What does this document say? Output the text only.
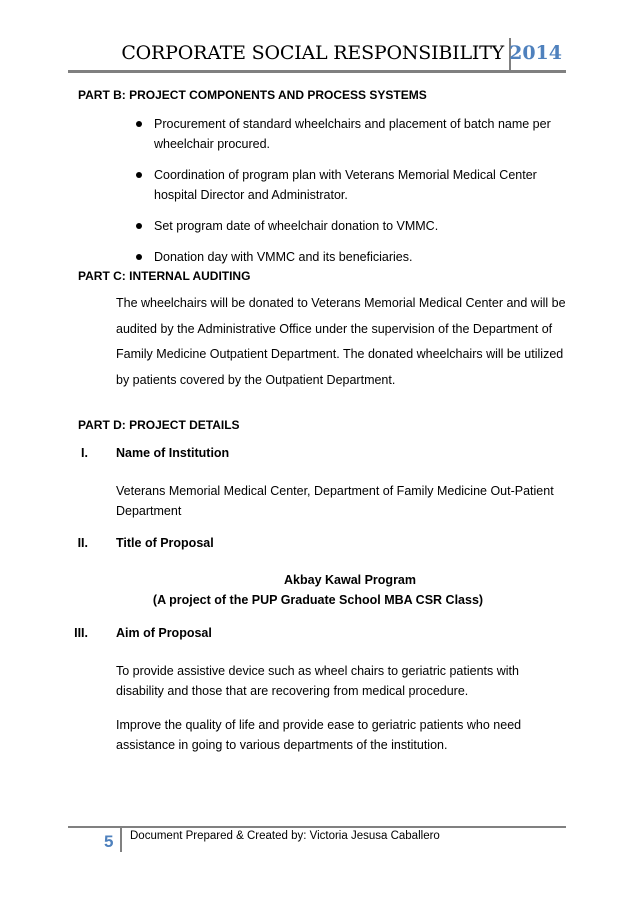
CORPORATE SOCIAL RESPONSIBILITY 2014
PART B: PROJECT COMPONENTS AND PROCESS SYSTEMS
Procurement of standard wheelchairs and placement of batch name per wheelchair procured.
Coordination of program plan with Veterans Memorial Medical Center hospital Director and Administrator.
Set program date of wheelchair donation to VMMC.
Donation day with VMMC and its beneficiaries.
PART C: INTERNAL AUDITING

The wheelchairs will be donated to Veterans Memorial Medical Center and will be audited by the Administrative Office under the supervision of the Department of Family Medicine Outpatient Department. The donated wheelchairs will be utilized by patients covered by the Outpatient Department.

PART D: PROJECT DETAILS
I. Name of Institution

Veterans Memorial Medical Center, Department of Family Medicine Out-Patient Department

II. Title of Proposal
Akbay Kawal Program
(A project of the PUP Graduate School MBA CSR Class)
III. Aim of Proposal

To provide assistive device such as wheel chairs to geriatric patients with disability and those that are recovering from medical procedure.

Improve the quality of life and provide ease to geriatric patients who need assistance in going to various departments of the institution.

5 Document Prepared & Created by: Victoria Jesusa Caballero
